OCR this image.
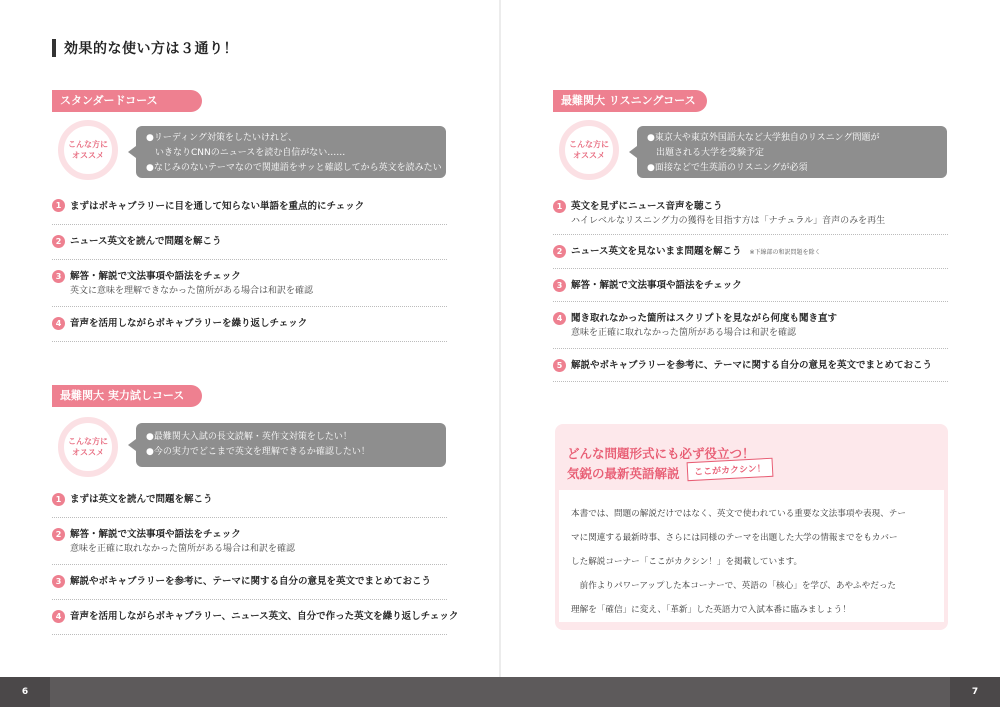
効果的な使い方は３通り！
スタンダードコース
こんな方に
オススメ
●リーディング対策をしたいけれど、
　いきなりCNNのニュースを読む自信がない……
●なじみのないテーマなので関連語をサッと確認してから英文を読みたい
1 まずはボキャブラリーに目を通して知らない単語を重点的にチェック
2 ニュース英文を読んで問題を解こう
3 解答・解説で文法事項や語法をチェック
英文に意味を理解できなかった箇所がある場合は和訳を確認
4 音声を活用しながらボキャブラリーを繰り返しチェック
最難関大 実力試しコース
こんな方に
オススメ
●最難関大入試の長文読解・英作文対策をしたい！
●今の実力でどこまで英文を理解できるか確認したい！
1 まずは英文を読んで問題を解こう
2 解答・解説で文法事項や語法をチェック
意味を正確に取れなかった箇所がある場合は和訳を確認
3 解説やボキャブラリーを参考に、テーマに関する自分の意見を英文でまとめておこう
4 音声を活用しながらボキャブラリー、ニュース英文、自分で作った英文を繰り返しチェック
最難関大 リスニングコース
こんな方に
オススメ
●東京大や東京外国語大など大学独自のリスニング問題が
　出題される大学を受験予定
●面接などで生英語のリスニングが必須
1 英文を見ずにニュース音声を聴こう
ハイレベルなリスニング力の獲得を目指す方は「ナチュラル」音声のみを再生
2 ニュース英文を見ないまま問題を解こう ※下線部の和訳問題を除く
3 解答・解説で文法事項や語法をチェック
4 聞き取れなかった箇所はスクリプトを見ながら何度も聞き直す
意味を正確に取れなかった箇所がある場合は和訳を確認
5 解説やボキャブラリーを参考に、テーマに関する自分の意見を英文でまとめておこう
どんな問題形式にも必ず役立つ！
気鋭の最新英語解説	ここがカクシン！
本書では、問題の解説だけではなく、英文で使われている重要な文法事項や表現、テー
マに関連する最新時事、さらには同様のテーマを出題した大学の情報までをもカバー
した解説コーナー「ここがカクシン！」を掲載しています。
　前作よりパワーアップした本コーナーで、英語の「核心」を学び、あやふやだった
理解を「確信」に変え、「革新」した英語力で入試本番に臨みましょう！
6	7
